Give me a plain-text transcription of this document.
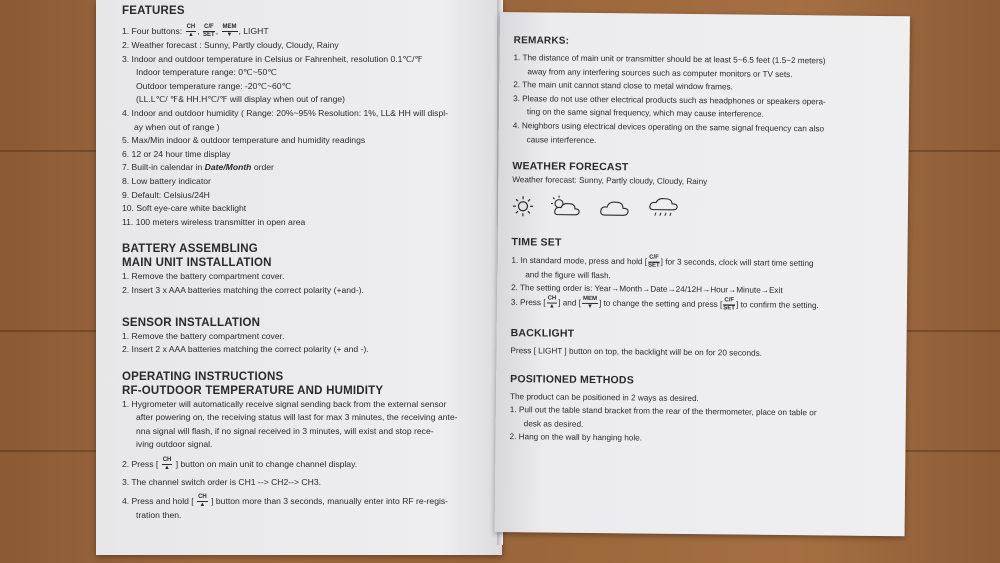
FEATURES
1. Four buttons: $\frac{CH}{▲}$ , $\frac{C/F}{\text{SET}}$ , $\frac{\text{MEM}}{▼}$ , LIGHT
2. Weather forecast : Sunny, Partly cloudy, Cloudy, Rainy
3. Indoor and outdoor temperature in Celsius or Fahrenheit, resolution 0.1℃/℉
Indoor temperature range: 0℃~50℃
Outdoor temperature range: -20℃~60℃
(LL.L℃/ ℉& HH.H℃/℉ will display when out of range)
4. Indoor and outdoor humidity ( Range: 20%~95% Resolution: 1%, LL& HH will displ-
ay when out of range )
5. Max/Min indoor & outdoor temperature and humidity readings
6. 12 or 24 hour time display
7. Built-in calendar in Date/Month order
8. Low battery indicator
9. Default: Celsius/24H
10. Soft eye-care white backlight
11. 100 meters wireless transmitter in open area
BATTERY ASSEMBLING
MAIN UNIT INSTALLATION
1. Remove the battery compartment cover.
2. Insert 3 x AAA batteries matching the correct polarity (+and-).
SENSOR INSTALLATION
1. Remove the battery compartment cover.
2. Insert 2 x AAA batteries matching the correct polarity (+ and -).
OPERATING INSTRUCTIONS
RF-OUTDOOR TEMPERATURE AND HUMIDITY
1. Hygrometer will automatically receive signal sending back from the external sensor
after powering on, the receiving status will last for max 3 minutes, the receiving ante-
nna signal will flash, if no signal received in 3 minutes, will exist and stop rece-
iving outdoor signal.
2. Press [ $\frac{CH}{▲}$ ] button on main unit to change channel display.
3. The channel switch order is CH1 --> CH2--> CH3.
4. Press and hold [ $\frac{CH}{▲}$ ] button more than 3 seconds, manually enter into RF re-regis-
tration then.
REMARKS:
1. The distance of main unit or transmitter should be at least 5~6.5 feet (1.5~2 meters)
away from any interfering sources such as computer monitors or TV sets.
2. The main unit cannot stand close to metal window frames.
3. Please do not use other electrical products such as headphones or speakers opera-
ting on the same signal frequency, which may cause interference.
4. Neighbors using electrical devices operating on the same signal frequency can also
cause interference.
WEATHER FORECAST
Weather forecast: Sunny, Partly cloudy, Cloudy, Rainy
TIME SET
1. In standard mode, press and hold [ $\frac{C/F}{\text{SET}}$ ] for 3 seconds, clock will start time setting
and the figure will flash.
2. The setting order is: Year→Month→Date→24/12H→Hour→Minute→Exit
3. Press [ $\frac{CH}{▲}$ ] and [ $\frac{\text{MEM}}{▼}$ ] to change the setting and press [ $\frac{C/F}{\text{SET}}$ ] to confirm the setting.
BACKLIGHT
Press [ LIGHT ] button on top, the backlight will be on for 20 seconds.
POSITIONED METHODS
The product can be positioned in 2 ways as desired.
1. Pull out the table stand bracket from the rear of the thermometer, place on table or
desk as desired.
2. Hang on the wall by hanging hole.
